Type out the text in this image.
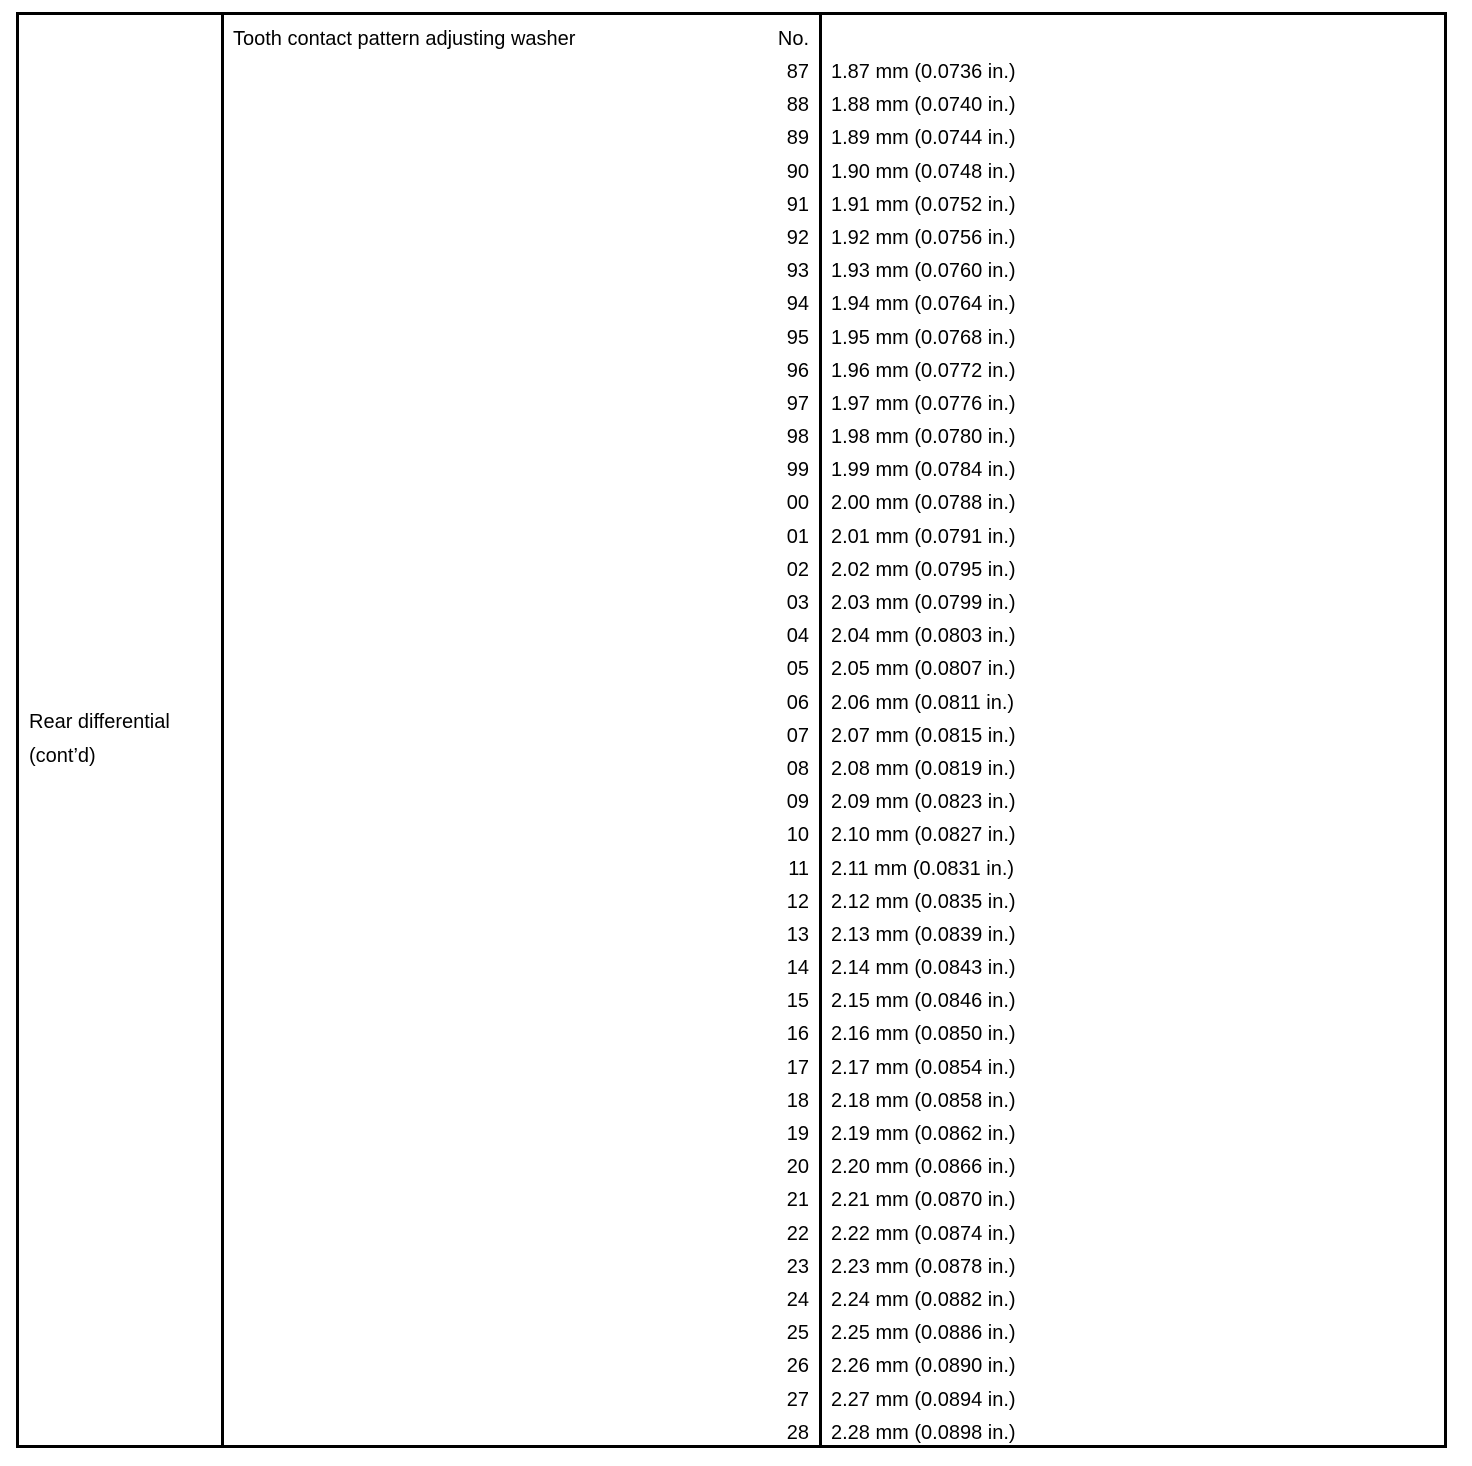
Rear differential
(cont’d)
Tooth contact pattern adjusting washer	No.
87 1.87 mm (0.0736 in.)
88 1.88 mm (0.0740 in.)
89 1.89 mm (0.0744 in.)
90 1.90 mm (0.0748 in.)
91 1.91 mm (0.0752 in.)
92 1.92 mm (0.0756 in.)
93 1.93 mm (0.0760 in.)
94 1.94 mm (0.0764 in.)
95 1.95 mm (0.0768 in.)
96 1.96 mm (0.0772 in.)
97 1.97 mm (0.0776 in.)
98 1.98 mm (0.0780 in.)
99 1.99 mm (0.0784 in.)
00 2.00 mm (0.0788 in.)
01 2.01 mm (0.0791 in.)
02 2.02 mm (0.0795 in.)
03 2.03 mm (0.0799 in.)
04 2.04 mm (0.0803 in.)
05 2.05 mm (0.0807 in.)
06 2.06 mm (0.0811 in.)
07 2.07 mm (0.0815 in.)
08 2.08 mm (0.0819 in.)
09 2.09 mm (0.0823 in.)
10 2.10 mm (0.0827 in.)
11 2.11 mm (0.0831 in.)
12 2.12 mm (0.0835 in.)
13 2.13 mm (0.0839 in.)
14 2.14 mm (0.0843 in.)
15 2.15 mm (0.0846 in.)
16 2.16 mm (0.0850 in.)
17 2.17 mm (0.0854 in.)
18 2.18 mm (0.0858 in.)
19 2.19 mm (0.0862 in.)
20 2.20 mm (0.0866 in.)
21 2.21 mm (0.0870 in.)
22 2.22 mm (0.0874 in.)
23 2.23 mm (0.0878 in.)
24 2.24 mm (0.0882 in.)
25 2.25 mm (0.0886 in.)
26 2.26 mm (0.0890 in.)
27 2.27 mm (0.0894 in.)
28 2.28 mm (0.0898 in.)
